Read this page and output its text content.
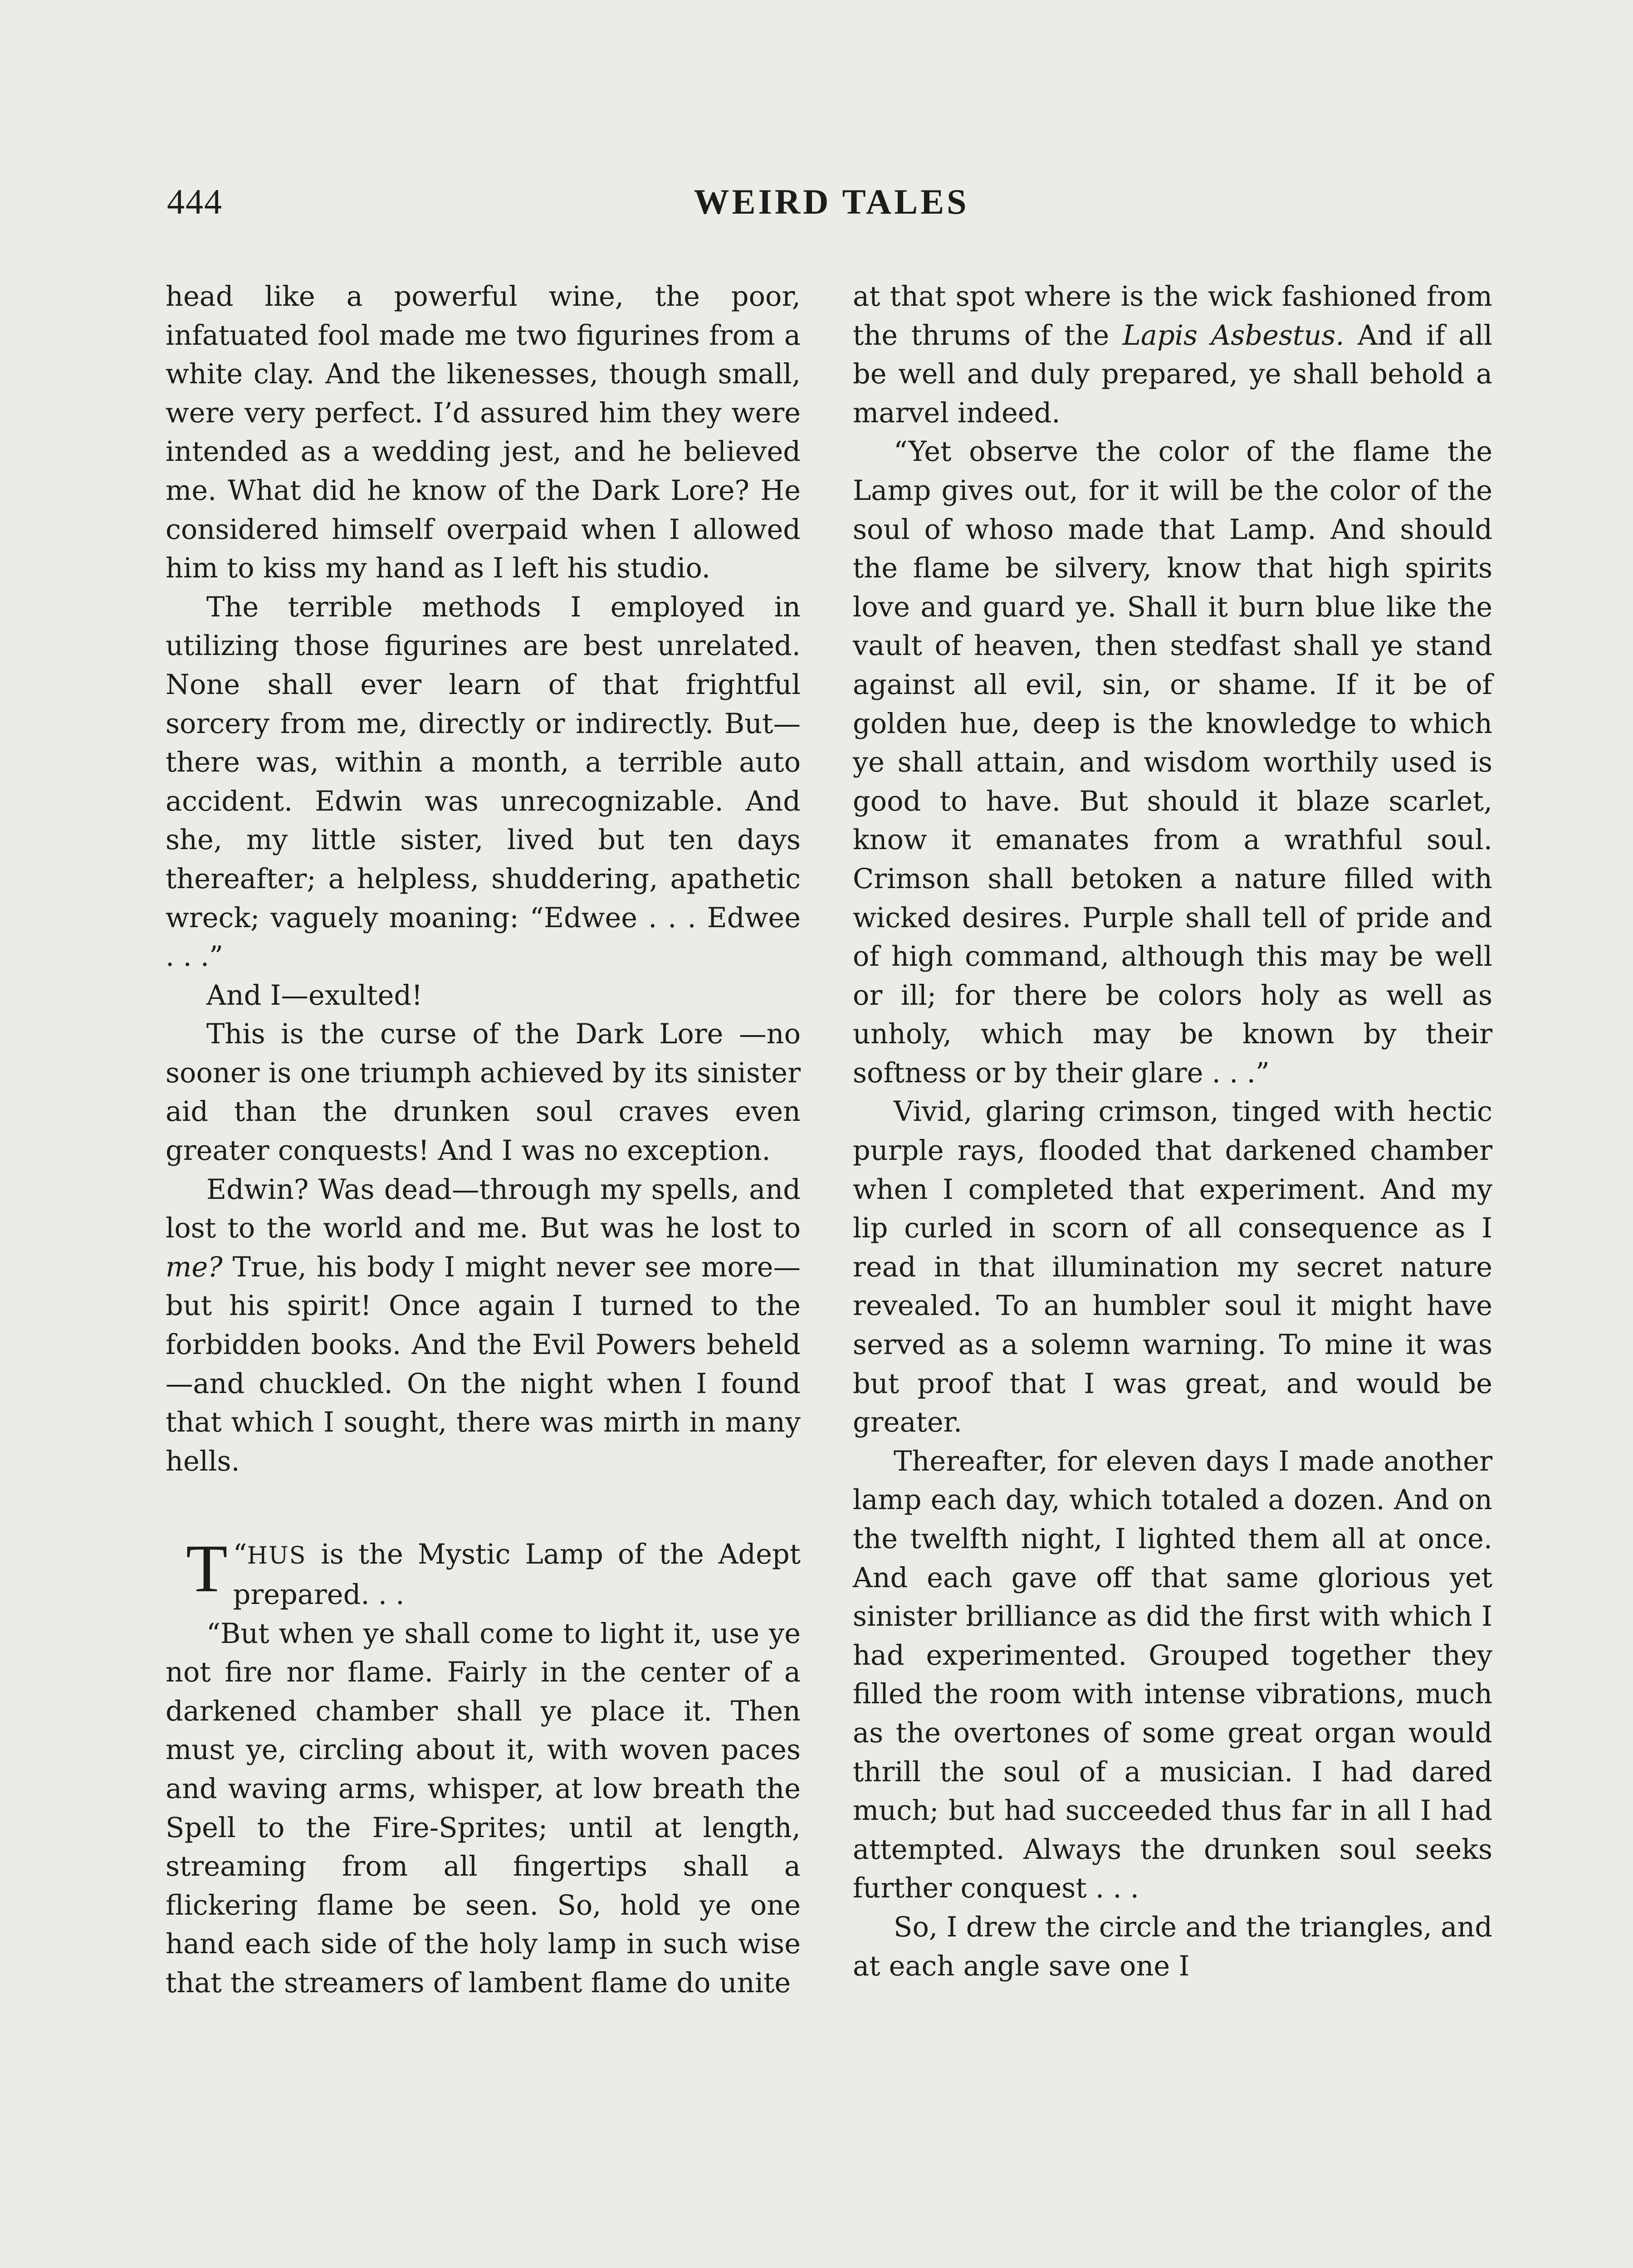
444	WEIRD TALES

head like a powerful wine, the poor, infatuated fool made me two figurines from a white clay. And the likenesses, though small, were very perfect. I’d assured him they were intended as a wedding jest, and he believed me. What did he know of the Dark Lore? He considered himself overpaid when I allowed him to kiss my hand as I left his studio.

The terrible methods I employed in utilizing those figurines are best unrelated. None shall ever learn of that frightful sorcery from me, directly or indirectly. But—there was, within a month, a terrible auto accident. Edwin was unrecognizable. And she, my little sister, lived but ten days thereafter; a helpless, shuddering, apathetic wreck; vaguely moaning: “Edwee . . . Edwee . . .”

And I—exulted!

This is the curse of the Dark Lore —no sooner is one triumph achieved by its sinister aid than the drunken soul craves even greater conquests! And I was no exception.

Edwin? Was dead—through my spells, and lost to the world and me. But was he lost to me? True, his body I might never see more—but his spirit! Once again I turned to the forbidden books. And the Evil Powers beheld—and chuckled. On the night when I found that which I sought, there was mirth in many hells.

“
T HUS is the Mystic Lamp of the Adept prepared. . .

“But when ye shall come to light it, use ye not fire nor flame. Fairly in the center of a darkened chamber shall ye place it. Then must ye, circling about it, with woven paces and waving arms, whisper, at low breath the Spell to the Fire-Sprites; until at length, streaming from all fingertips shall a flickering flame be seen. So, hold ye one hand each side of the holy lamp in such wise that the streamers of lambent flame do unite

at that spot where is the wick fashioned from the thrums of the Lapis Asbestus. And if all be well and duly prepared, ye shall behold a marvel indeed.

“Yet observe the color of the flame the Lamp gives out, for it will be the color of the soul of whoso made that Lamp. And should the flame be silvery, know that high spirits love and guard ye. Shall it burn blue like the vault of heaven, then stedfast shall ye stand against all evil, sin, or shame. If it be of golden hue, deep is the knowledge to which ye shall attain, and wisdom worthily used is good to have. But should it blaze scarlet, know it emanates from a wrathful soul. Crimson shall betoken a nature filled with wicked desires. Purple shall tell of pride and of high command, although this may be well or ill; for there be colors holy as well as unholy, which may be known by their softness or by their glare . . .”

Vivid, glaring crimson, tinged with hectic purple rays, flooded that darkened chamber when I completed that experiment. And my lip curled in scorn of all consequence as I read in that illumination my secret nature revealed. To an humbler soul it might have served as a solemn warning. To mine it was but proof that I was great, and would be greater.

Thereafter, for eleven days I made another lamp each day, which totaled a dozen. And on the twelfth night, I lighted them all at once. And each gave off that same glorious yet sinister brilliance as did the first with which I had experimented. Grouped together they filled the room with intense vibrations, much as the overtones of some great organ would thrill the soul of a musician. I had dared much; but had succeeded thus far in all I had attempted. Always the drunken soul seeks further conquest . . .

So, I drew the circle and the triangles, and at each angle save one I
